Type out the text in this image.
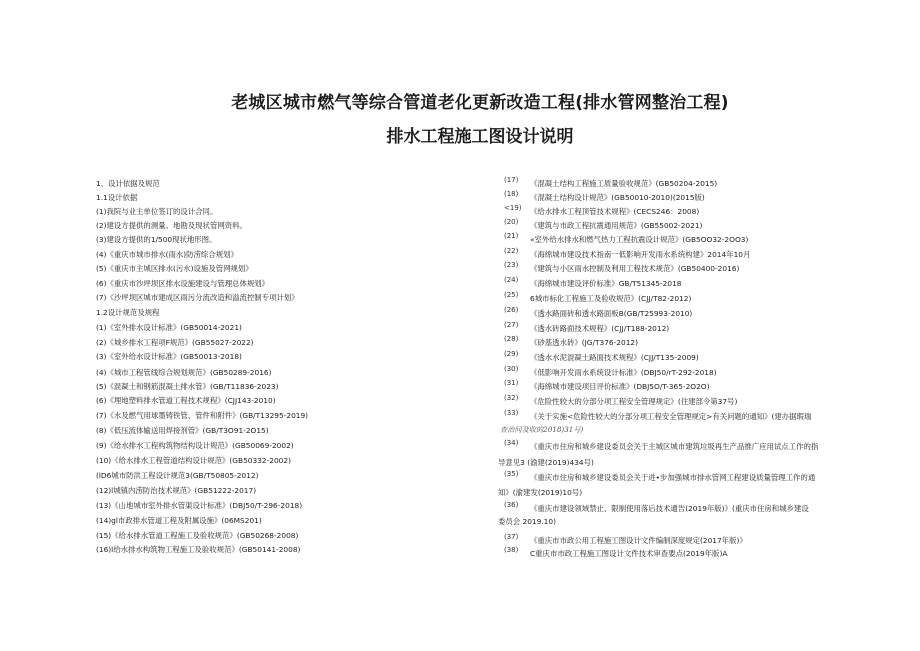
老城区城市燃气等综合管道老化更新改造工程(排水管网整治工程)
排水工程施工图设计说明
1、设计依据及规范
1.1设计依据
(1)我院与业主单位签订的设计合同。
(2)建设方提供的测量、地勘及现状管网资料。
(3)建设方提供的1/500现状地形图。
(4)《重庆市城市排水(雨水)防涝综合规划》
(5)《重庆市主城区排水(污水)设施及管网规划》
(6)《重庆市沙坪坝区排水设施建设与管理总体规划》
(7)《沙坪坝区城市建成区雨污分流改造和溢流控制专项计划》
1.2设计规范及规程
(1)《室外排水设计标准》(GB50014-2021)
(2)《城乡排水工程项F规范》(GB55027-2022)
(3)《室外给水设计标准》(GB50013-2018)
(4)《城市工程管线综合规划规范》(GB50289-2016)
(5)《混凝土和钢筋混凝土排水管》(GB/T11836-2023)
(6)《埋地塑料排水管道工程技术规程》(CJJ143-2010)
(7)《水及燃气用球墨铸铁管、管件和附件》(GB/T13295-2019)
(8)《低压流体输送用焊接剂管》(GB/T3O91-2O15)
(9)《给水排水工程构筑物结构设计规范》(GB50069-2002)
(10)《给水排水工程管道结构设计规范》(GB50332-2002)
(lD6城市防洪工程设计规范3(GB/T50805-2012)
(12)l城镇内涝防治技术规范》(GB51222-2017)
(13)《山地城市室外排水管渠设计标准》(DBJ50/T-296-2018)
(14)gl市政排水管道工程及附属设施》(06MS201)
(15)《给水排水管道工程施工及验收规范》(GB50268-2008)
(16)l给水排水构筑物工程施工及验收规范》(GB50141-2008)
(17) 《混凝土结构工程施工质量验收规范》(GB50204-2015)
(18) 《混凝土结构设计规范》(GB50010-2010)(2015版)
<19) 《给水排水工程顶管技术规程》(CECS246：2008)
(20) 《建筑与市政工程抗震通用规范》(GB55002-2021)
(21) «室外给水排水和燃气热力工程抗震设计规范》(GB5OO32-2OO3)
(22) 《海绵城市建设技术指南一低影响开发雨水系统构建》2014年10月
(23) 《建筑与小区雨水控制及利用工程技术规范》(GB50400-2016)
(24) 《海绵城市建设评价标准》GB/T51345-2018
(25) 6城市标化工程施工及验收规范》(CJJ/T82-2012)
(26) 《透水路面砖和透水路面板B(GB/T25993-2010)
(27) 《透水砖路面技术规程》(CJJ/T188-2012)
(28) 《砂基透水砖》(JG/T376-2012)
(29) 《透水水泥混凝土路面技术规程》(CJJ/T135-2009)
(30) 《低影响开发雨水系统设计标准》(DBJ50/rT-292-2018)
(31) 《海绵城市建设项目评价标准》(DBJ5O/T-365-2O2O)
(32) 《危险性较大的分部分项工程安全管理规定》(住建部令第37号)
(33) 《关于实施<危险性较大的分部分项工程安全管理规定>有关问题的通知》(建办据瑕瑞
查治问及收的2018)31号)
(34) 《重庆市住房和城乡建设委员会关于主城区城市建筑垃圾再生产品推广应用试点工作的指
导意见3 (渝建(2019)434号)
(35) 《重庆市住房和城乡建设委员会关于进•步加强城市排水管网工程建设质量管理工作的通
知》(渝建发(2019)10号)
(36) 《重庆市建设领域禁止、限制使用落后技术通告(2019年版)》(重庆市住房和城乡建设
委员会 2019.10)
(37) 《重庆市市政公用工程施工图设计文件编制深度规定(2017年版)》
(38) C重庆市市政工程施工图设计文件技术审查要点(2019年版)A
